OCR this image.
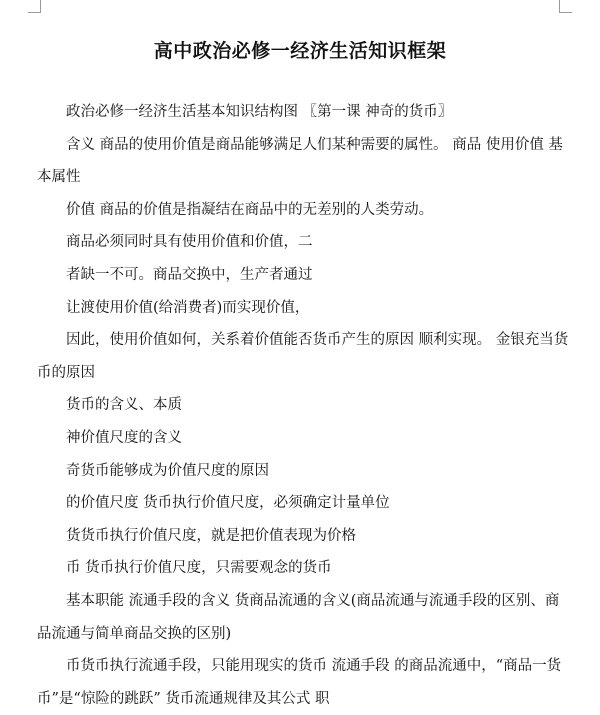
高中政治必修一经济生活知识框架

政治必修一经济生活基本知识结构图 〖第一课 神奇的货币〗

含义 商品的使用价值是商品能够满足人们某种需要的属性。 商品 使用价值 基本属性

价值 商品的价值是指凝结在商品中的无差别的人类劳动。

商品必须同时具有使用价值和价值，二

者缺一不可。商品交换中，生产者通过

让渡使用价值(给消费者)而实现价值，

因此，使用价值如何，关系着价值能否货币产生的原因 顺利实现。 金银充当货币的原因

货币的含义、本质

神价值尺度的含义

奇货币能够成为价值尺度的原因

的价值尺度 货币执行价值尺度，必须确定计量单位

货货币执行价值尺度，就是把价值表现为价格

币 货币执行价值尺度，只需要观念的货币

基本职能 流通手段的含义 货商品流通的含义(商品流通与流通手段的区别、商品流通与简单商品交换的区别)

币货币执行流通手段，只能用现实的货币 流通手段 的商品流通中，“商品一货币”是“惊险的跳跃” 货币流通规律及其公式 职
